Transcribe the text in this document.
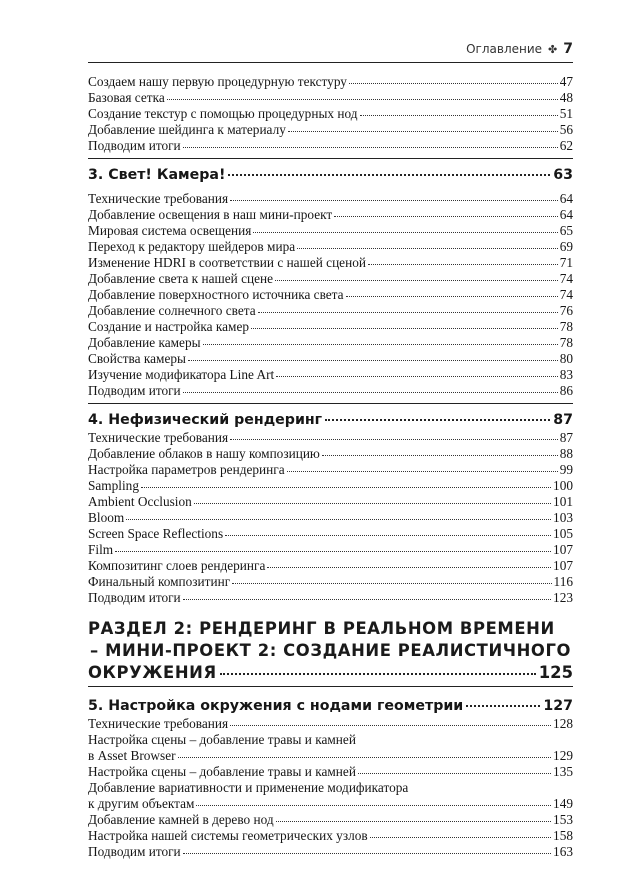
Оглавление ✤ 7
Создаем нашу первую процедурную текстуру	47
Базовая сетка	48
Создание текстур с помощью процедурных нод	51
Добавление шейдинга к материалу	56
Подводим итоги	62
3. Свет! Камера!	63
Технические требования	64
Добавление освещения в наш мини-проект	64
Мировая система освещения	65
Переход к редактору шейдеров мира	69
Изменение HDRI в соответствии с нашей сценой	71
Добавление света к нашей сцене	74
Добавление поверхностного источника света	74
Добавление солнечного света	76
Создание и настройка камер	78
Добавление камеры	78
Свойства камеры	80
Изучение модификатора Line Art	83
Подводим итоги	86
4. Нефизический рендеринг	87
Технические требования	87
Добавление облаков в нашу композицию	88
Настройка параметров рендеринга	99
Sampling	100
Ambient Occlusion	101
Bloom	103
Screen Space Reflections	105
Film	107
Композитинг слоев рендеринга	107
Финальный композитинг	116
Подводим итоги	123
РАЗДЕЛ 2: РЕНДЕРИНГ В РЕАЛЬНОМ ВРЕМЕНИ
– МИНИ-ПРОЕКТ 2: СОЗДАНИЕ РЕАЛИСТИЧНОГО
ОКРУЖЕНИЯ	125
5. Настройка окружения с нодами геометрии	127
Технические требования	128
Настройка сцены – добавление травы и камней
в Asset Browser	129
Настройка сцены – добавление травы и камней	135
Добавление вариативности и применение модификатора
к другим объектам	149
Добавление камней в дерево нод	153
Настройка нашей системы геометрических узлов	158
Подводим итоги	163
